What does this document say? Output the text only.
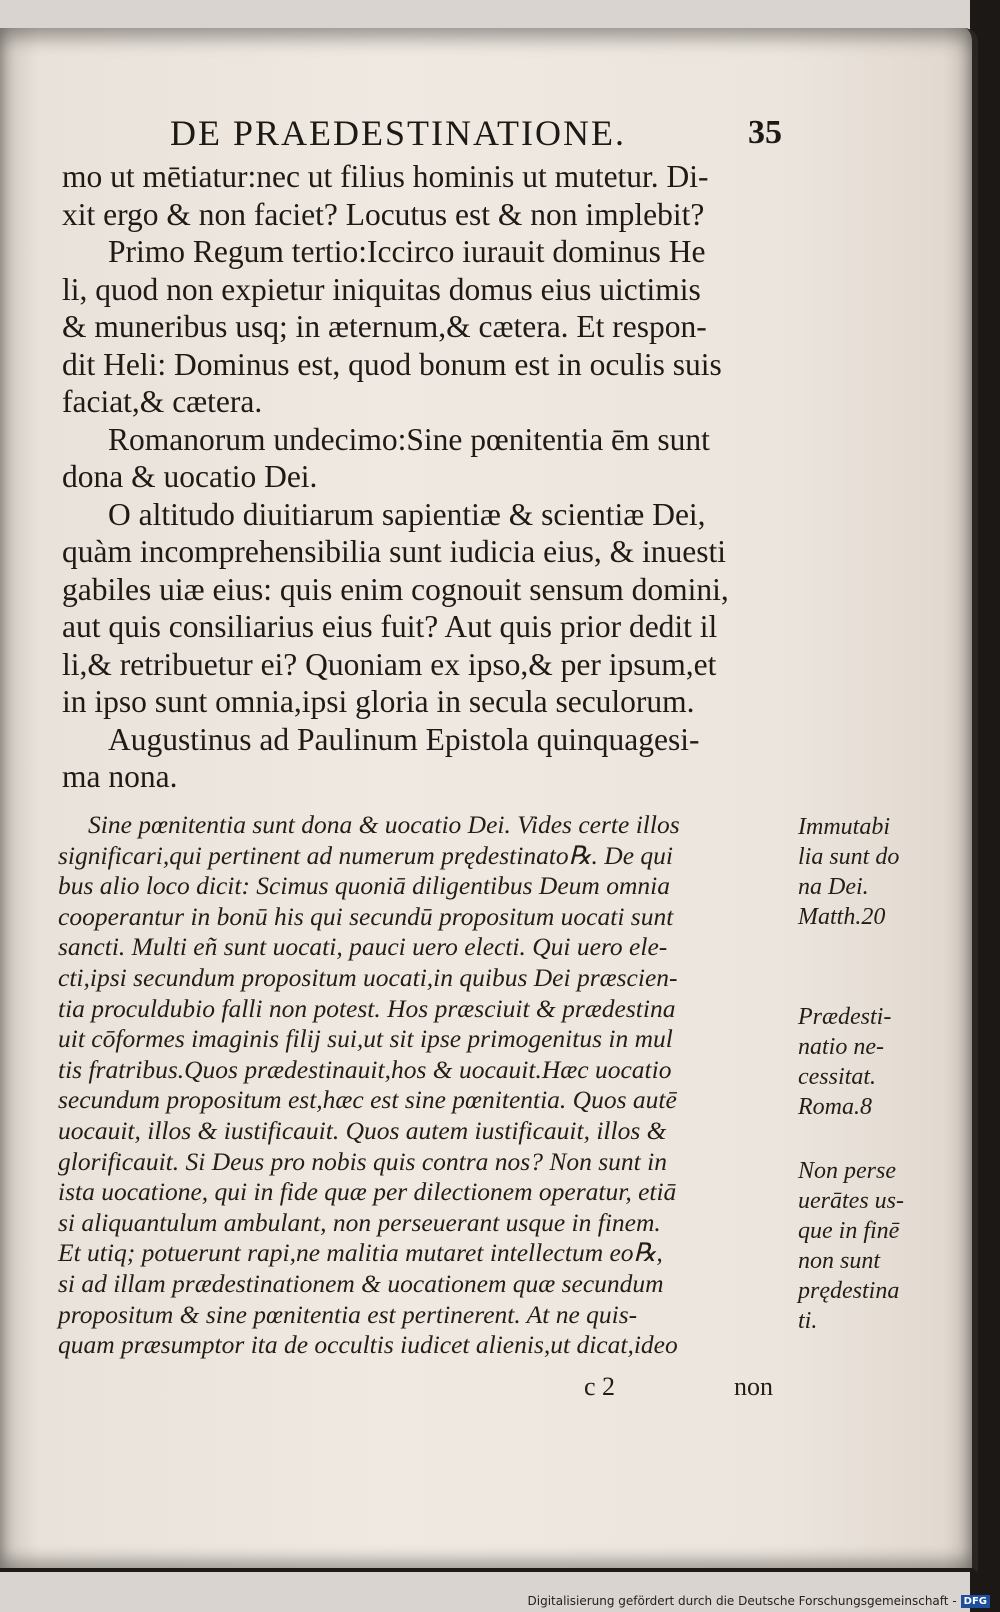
DE PRAEDESTINATIONE.	35

mo ut mētiatur:nec ut filius hominis ut mutetur. Di-

xit ergo & non faciet? Locutus est & non implebit?

Primo Regum tertio:Iccirco iurauit dominus He

li, quod non expietur iniquitas domus eius uictimis

& muneribus usq; in æternum,& cætera. Et respon-

dit Heli: Dominus est, quod bonum est in oculis suis

faciat,& cætera.

Romanorum undecimo:Sine pœnitentia ēm sunt

dona & uocatio Dei.

O altitudo diuitiarum sapientiæ & scientiæ Dei,

quàm incomprehensibilia sunt iudicia eius, & inuesti

gabiles uiæ eius: quis enim cognouit sensum domini,

aut quis consiliarius eius fuit? Aut quis prior dedit il

li,& retribuetur ei? Quoniam ex ipso,& per ipsum,et

in ipso sunt omnia,ipsi gloria in secula seculorum.

Augustinus ad Paulinum Epistola quinquagesi-

ma nona.

Sine pœnitentia sunt dona & uocatio Dei. Vides certe illos

significari,qui pertinent ad numerum prędestinato℞. De qui

bus alio loco dicit: Scimus quoniā diligentibus Deum omnia

cooperantur in bonū his qui secundū propositum uocati sunt

sancti. Multi eñ sunt uocati, pauci uero electi. Qui uero ele-

cti,ipsi secundum propositum uocati,in quibus Dei præscien-

tia proculdubio falli non potest. Hos præsciuit & prædestina

uit cōformes imaginis filij sui,ut sit ipse primogenitus in mul

tis fratribus.Quos prædestinauit,hos & uocauit.Hæc uocatio

secundum propositum est,hæc est sine pœnitentia. Quos autē

uocauit, illos & iustificauit. Quos autem iustificauit, illos &

glorificauit. Si Deus pro nobis quis contra nos? Non sunt in

ista uocatione, qui in fide quæ per dilectionem operatur, etiā

si aliquantulum ambulant, non perseuerant usque in finem.

Et utiq; potuerunt rapi,ne malitia mutaret intellectum eo℞,

si ad illam prædestinationem & uocationem quæ secundum

propositum & sine pœnitentia est pertinerent. At ne quis-

quam præsumptor ita de occultis iudicet alienis,ut dicat,ideo

Immutabi
lia sunt do
na Dei.
Matth.20
Prædesti-
natio ne-
cessitat.
Roma.8
Non perse
uerātes us-
que in finē
non sunt
prędestina
ti.
c 2	non
Digitalisierung gefördert durch die Deutsche Forschungsgemeinschaft - DFG
